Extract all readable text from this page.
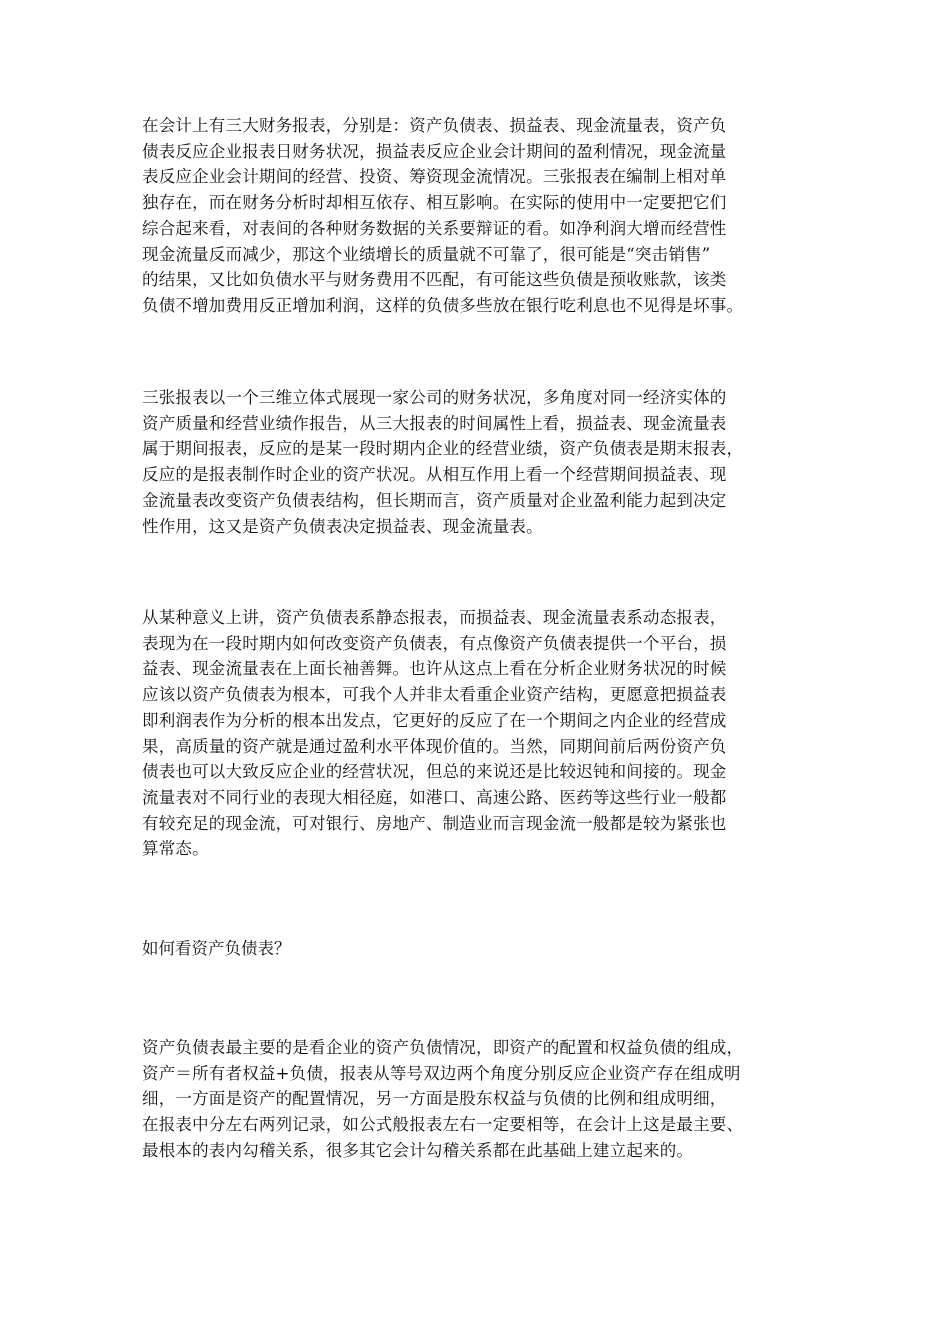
在会计上有三大财务报表，分别是：资产负债表、损益表、现金流量表，资产负
债表反应企业报表日财务状况，损益表反应企业会计期间的盈利情况，现金流量
表反应企业会计期间的经营、投资、筹资现金流情况。三张报表在编制上相对单
独存在，而在财务分析时却相互依存、相互影响。在实际的使用中一定要把它们
综合起来看，对表间的各种财务数据的关系要辩证的看。如净利润大增而经营性
现金流量反而减少，那这个业绩增长的质量就不可靠了，很可能是“突击销售”
的结果，又比如负债水平与财务费用不匹配，有可能这些负债是预收账款，该类
负债不增加费用反正增加利润，这样的负债多些放在银行吃利息也不见得是坏事。

三张报表以一个三维立体式展现一家公司的财务状况，多角度对同一经济实体的
资产质量和经营业绩作报告，从三大报表的时间属性上看，损益表、现金流量表
属于期间报表，反应的是某一段时期内企业的经营业绩，资产负债表是期末报表，
反应的是报表制作时企业的资产状况。从相互作用上看一个经营期间损益表、现
金流量表改变资产负债表结构，但长期而言，资产质量对企业盈利能力起到决定
性作用，这又是资产负债表决定损益表、现金流量表。

从某种意义上讲，资产负债表系静态报表，而损益表、现金流量表系动态报表，
表现为在一段时期内如何改变资产负债表，有点像资产负债表提供一个平台，损
益表、现金流量表在上面长袖善舞。也许从这点上看在分析企业财务状况的时候
应该以资产负债表为根本，可我个人并非太看重企业资产结构，更愿意把损益表
即利润表作为分析的根本出发点，它更好的反应了在一个期间之内企业的经营成
果，高质量的资产就是通过盈利水平体现价值的。当然，同期间前后两份资产负
债表也可以大致反应企业的经营状况，但总的来说还是比较迟钝和间接的。现金
流量表对不同行业的表现大相径庭，如港口、高速公路、医药等这些行业一般都
有较充足的现金流，可对银行、房地产、制造业而言现金流一般都是较为紧张也
算常态。

如何看资产负债表？

资产负债表最主要的是看企业的资产负债情况，即资产的配置和权益负债的组成，
资产＝所有者权益+负债，报表从等号双边两个角度分别反应企业资产存在组成明
细，一方面是资产的配置情况，另一方面是股东权益与负债的比例和组成明细，
在报表中分左右两列记录，如公式般报表左右一定要相等，在会计上这是最主要、
最根本的表内勾稽关系，很多其它会计勾稽关系都在此基础上建立起来的。
